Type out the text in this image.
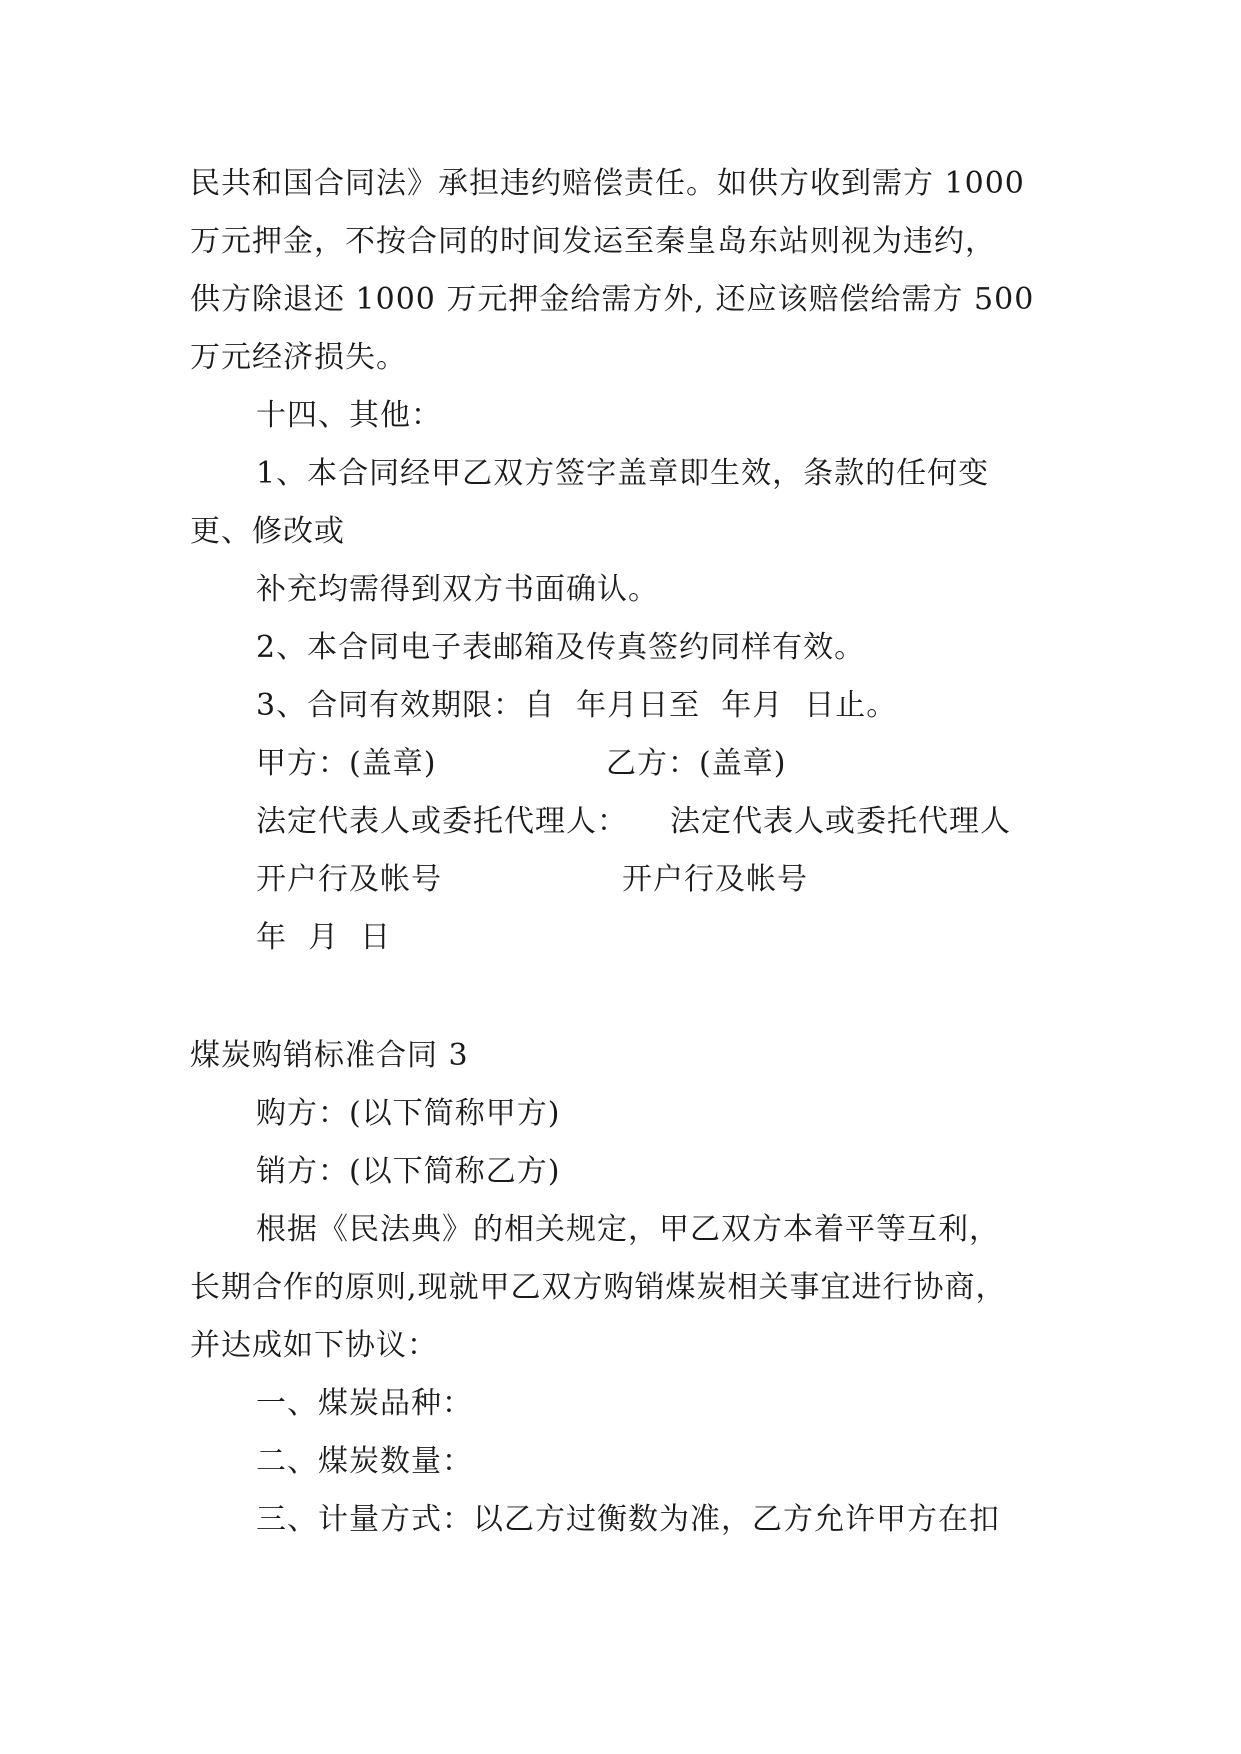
民共和国合同法》承担违约赔偿责任。如供方收到需方 1000
万元押金，不按合同的时间发运至秦皇岛东站则视为违约，
供方除退还 1000 万元押金给需方外, 还应该赔偿给需方 500
万元经济损失。
十四、其他：
1、本合同经甲乙双方签字盖章即生效，条款的任何变
更、修改或
补充均需得到双方书面确认。
2、本合同电子表邮箱及传真签约同样有效。
3、合同有效期限：自  年月日至  年月  日止。
甲方：(盖章)	乙方：(盖章)
法定代表人或委托代理人： 法定代表人或委托代理人
开户行及帐号	开户行及帐号
年  月  日
煤炭购销标准合同 3
购方：(以下简称甲方)
销方：(以下简称乙方)
根据《民法典》的相关规定，甲乙双方本着平等互利，
长期合作的原则,现就甲乙双方购销煤炭相关事宜进行协商，
并达成如下协议：
一、煤炭品种：
二、煤炭数量：
三、计量方式：以乙方过衡数为准，乙方允许甲方在扣
